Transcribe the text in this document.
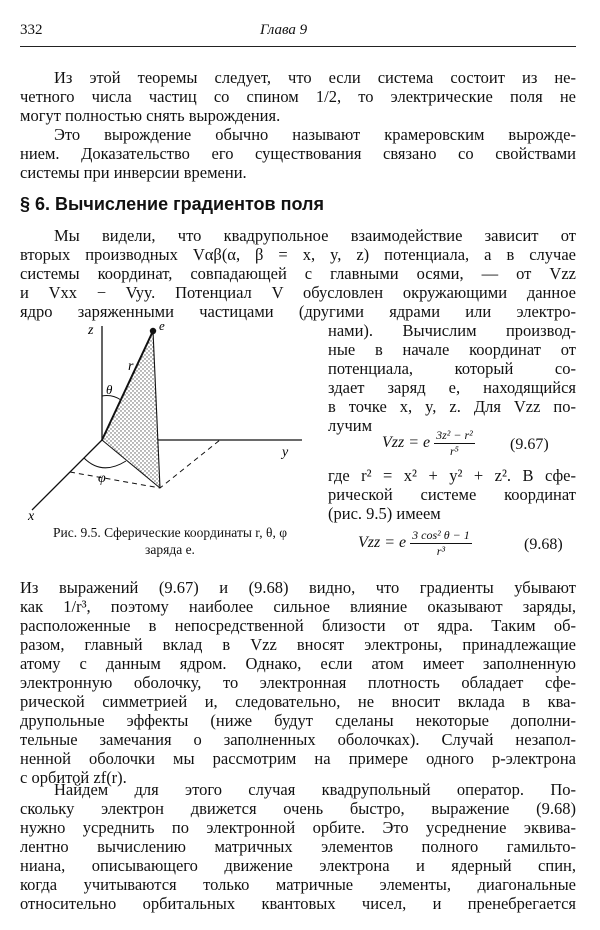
332	Глава 9
Из этой теоремы следует, что если система состоит из не-
четного числа частиц со спином 1/2, то электрические поля не
могут полностью снять вырождения.
Это вырождение обычно называют крамеровским вырожде-
нием. Доказательство его существования связано со свойствами
системы при инверсии времени.
§ 6. Вычисление градиентов поля
Мы видели, что квадрупольное взаимодействие зависит от
вторых производных Vαβ(α, β = x, y, z) потенциала, а в случае
системы координат, совпадающей с главными осями, — от Vzz
и Vxx − Vyy. Потенциал V обусловлен окружающими данное
ядро заряженными частицами (другими ядрами или электро-
z	e
r
θ
φ
y
x
Рис. 9.5. Сферические координаты r, θ, φ
заряда e.
нами). Вычислим производ-
ные в начале координат от
потенциала, который со-
здает заряд e, находящийся
в точке x, y, z. Для Vzz по-
лучим
Vzz = e $\frac{\text{3z² − r²}}{\text{r⁵}} (9.67)$
где r² = x² + y² + z². В сфе-
рической системе координат
(рис. 9.5) имеем
Vzz = e $\frac{\text{3 cos² θ − 1}}{\text{r³}}$	(9.68)
Из выражений (9.67) и (9.68) видно, что градиенты убывают
как 1/r³, поэтому наиболее сильное влияние оказывают заряды,
расположенные в непосредственной близости от ядра. Таким об-
разом, главный вклад в Vzz вносят электроны, принадлежащие
атому с данным ядром. Однако, если атом имеет заполненную
электронную оболочку, то электронная плотность обладает сфе-
рической симметрией и, следовательно, не вносит вклада в ква-
друпольные эффекты (ниже будут сделаны некоторые дополни-
тельные замечания о заполненных оболочках). Случай незапол-
ненной оболочки мы рассмотрим на примере одного p-электрона
с орбитой zf(r).
Найдем для этого случая квадрупольный оператор. По-
скольку электрон движется очень быстро, выражение (9.68)
нужно усреднить по электронной орбите. Это усреднение эквива-
лентно вычислению матричных элементов полного гамильто-
ниана, описывающего движение электрона и ядерный спин,
когда учитываются только матричные элементы, диагональные
относительно орбитальных квантовых чисел, и пренебрегается
